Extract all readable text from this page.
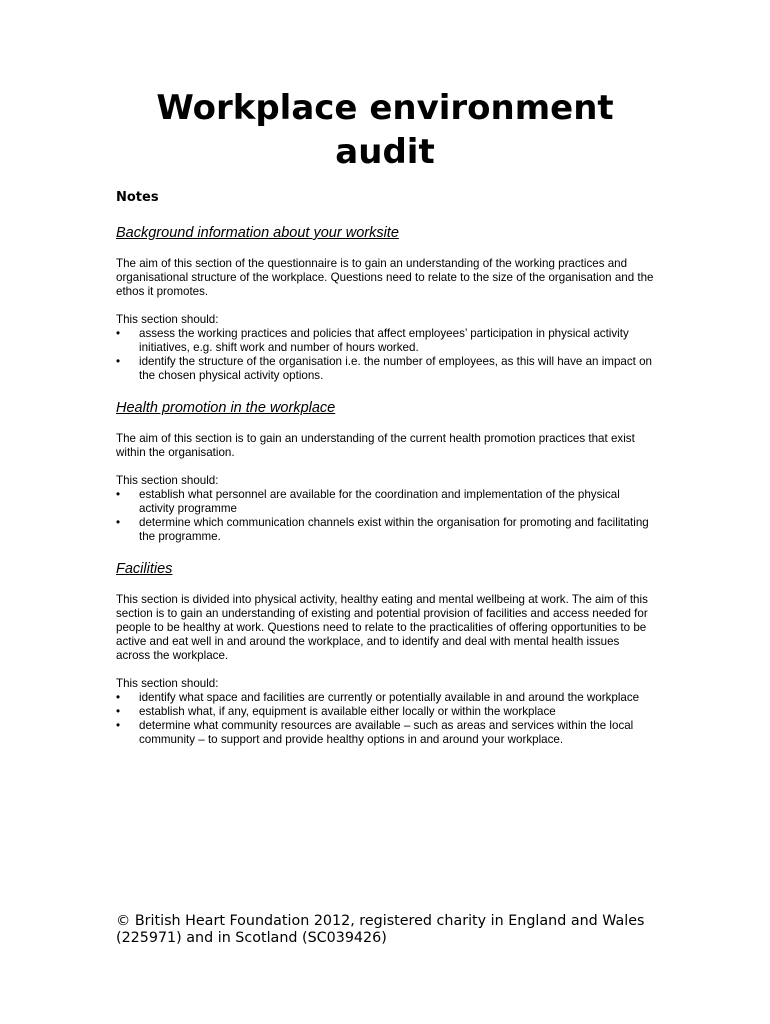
Workplace environment
audit

Notes

Background information about your worksite

The aim of this section of the questionnaire is to gain an understanding of the working practices and organisational structure of the workplace. Questions need to relate to the size of the organisation and the ethos it promotes.

This section should:

•	assess the working practices and policies that affect employees’ participation in physical activity initiatives, e.g. shift work and number of hours worked.
•	identify the structure of the organisation i.e. the number of employees, as this will have an impact on the chosen physical activity options.
Health promotion in the workplace

The aim of this section is to gain an understanding of the current health promotion practices that exist within the organisation.

This section should:

•	establish what personnel are available for the coordination and implementation of the physical activity programme
•	determine which communication channels exist within the organisation for promoting and facilitating the programme.
Facilities

This section is divided into physical activity, healthy eating and mental wellbeing at work. The aim of this section is to gain an understanding of existing and potential provision of facilities and access needed for people to be healthy at work. Questions need to relate to the practicalities of offering opportunities to be active and eat well in and around the workplace, and to identify and deal with mental health issues across the workplace.

This section should:

•	identify what space and facilities are currently or potentially available in and around the workplace
•	establish what, if any, equipment is available either locally or within the workplace
•	determine what community resources are available – such as areas and services within the local community – to support and provide healthy options in and around your workplace.

© British Heart Foundation 2012, registered charity in England and Wales (225971) and in Scotland (SC039426)
